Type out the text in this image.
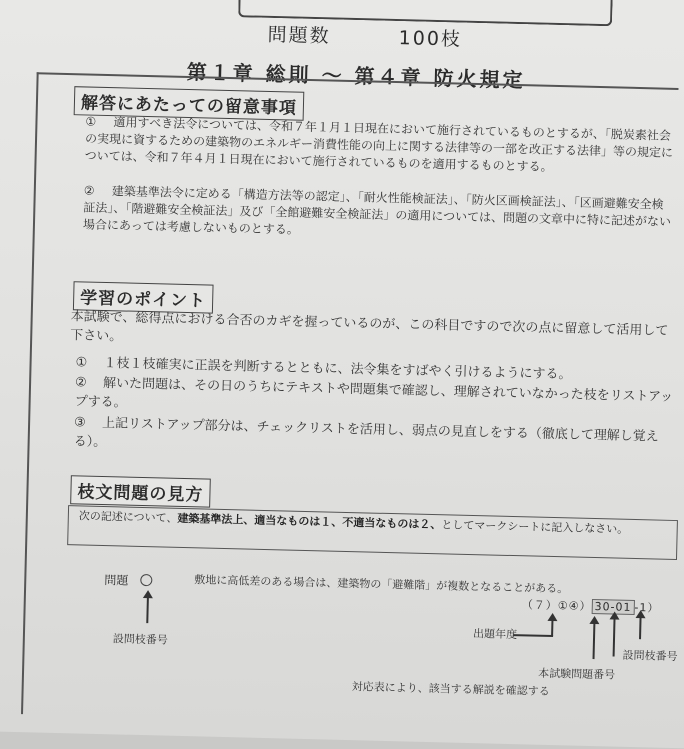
問題数	100枝
第１章 総則 ～ 第４章 防火規定
解答にあたっての留意事項
① 適用すべき法令については、令和７年１月１日現在において施行されているものとするが、「脱炭素社会の実現に資するための建築物のエネルギー消費性能の向上に関する法律等の一部を改正する法律」等の規定については、令和７年４月１日現在において施行されているものを適用するものとする。
② 建築基準法令に定める「構造方法等の認定」、「耐火性能検証法」、「防火区画検証法」、「区画避難安全検証法」、「階避難安全検証法」及び「全館避難安全検証法」の適用については、問題の文章中に特に記述がない場合にあっては考慮しないものとする。
学習のポイント
本試験で、総得点における合否のカギを握っているのが、この科目ですので次の点に留意して活用して下さい。
① １枝１枝確実に正誤を判断するとともに、法令集をすばやく引けるようにする。
② 解いた問題は、その日のうちにテキストや問題集で確認し、理解されていなかった枝をリストアップする。
③ 上記リストアップ部分は、チェックリストを活用し、弱点の見直しをする（徹底して理解し覚える）。
枝文問題の見方
次の記述について、建築基準法上、適当なものは１、不適当なものは２、としてマークシートに記入しなさい。
問題	敷地に高低差のある場合は、建築物の「避難階」が複数となることがある。
（７）①④） 30-01 -1）
設問枝番号	出題年度
本試験問題番号
設問枝番号
対応表により、該当する解説を確認する
